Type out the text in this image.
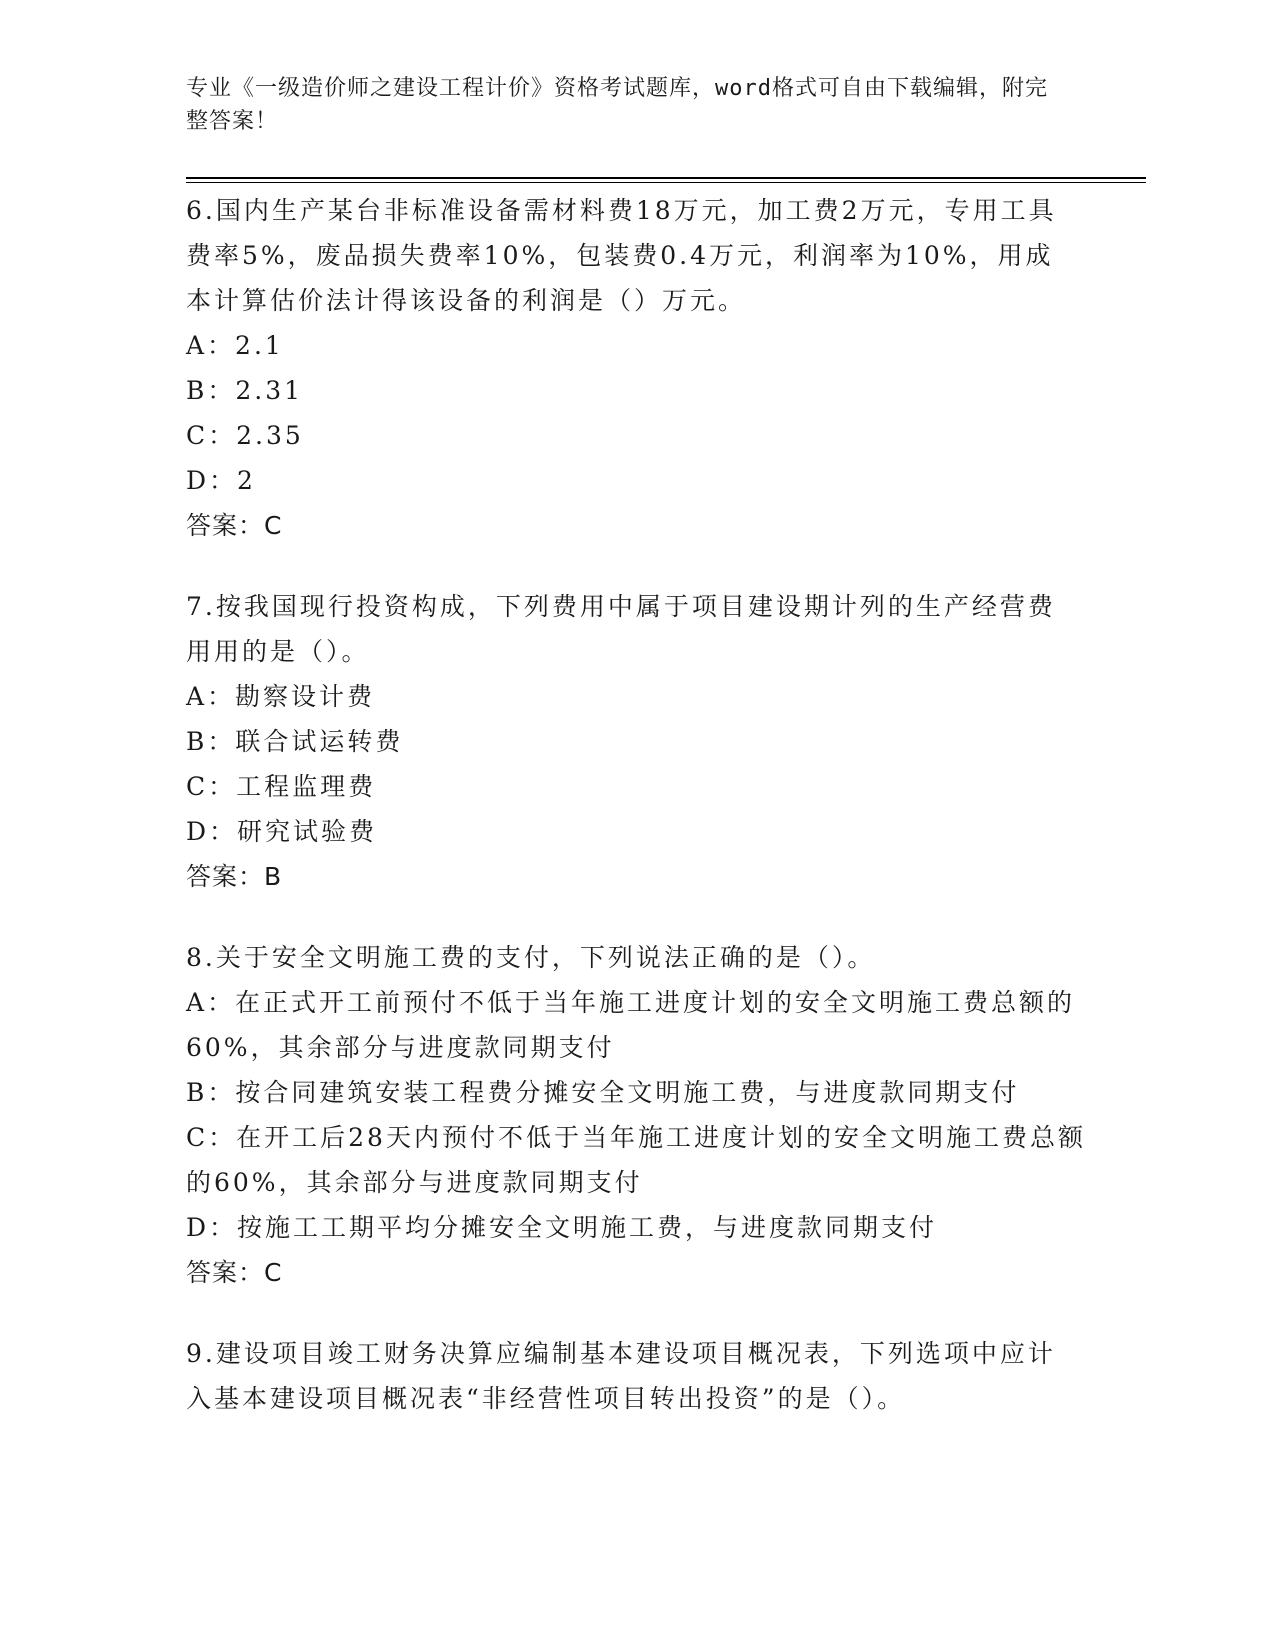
专业《一级造价师之建设工程计价》资格考试题库，word格式可自由下载编辑，附完整答案！

6.国内生产某台非标准设备需材料费18万元，加工费2万元，专用工具费率5%，废品损失费率10%，包装费0.4万元，利润率为10%，用成本计算估价法计得该设备的利润是（）万元。

A：2.1

B：2.31

C：2.35

D：2

答案：C

7.按我国现行投资构成，下列费用中属于项目建设期计列的生产经营费用用的是（）。

A：勘察设计费

B：联合试运转费

C：工程监理费

D：研究试验费

答案：B

8.关于安全文明施工费的支付，下列说法正确的是（）。

A：在正式开工前预付不低于当年施工进度计划的安全文明施工费总额的60%，其余部分与进度款同期支付

B：按合同建筑安装工程费分摊安全文明施工费，与进度款同期支付

C：在开工后28天内预付不低于当年施工进度计划的安全文明施工费总额的60%，其余部分与进度款同期支付

D：按施工工期平均分摊安全文明施工费，与进度款同期支付

答案：C

9.建设项目竣工财务决算应编制基本建设项目概况表，下列选项中应计入基本建设项目概况表“非经营性项目转出投资”的是（）。
